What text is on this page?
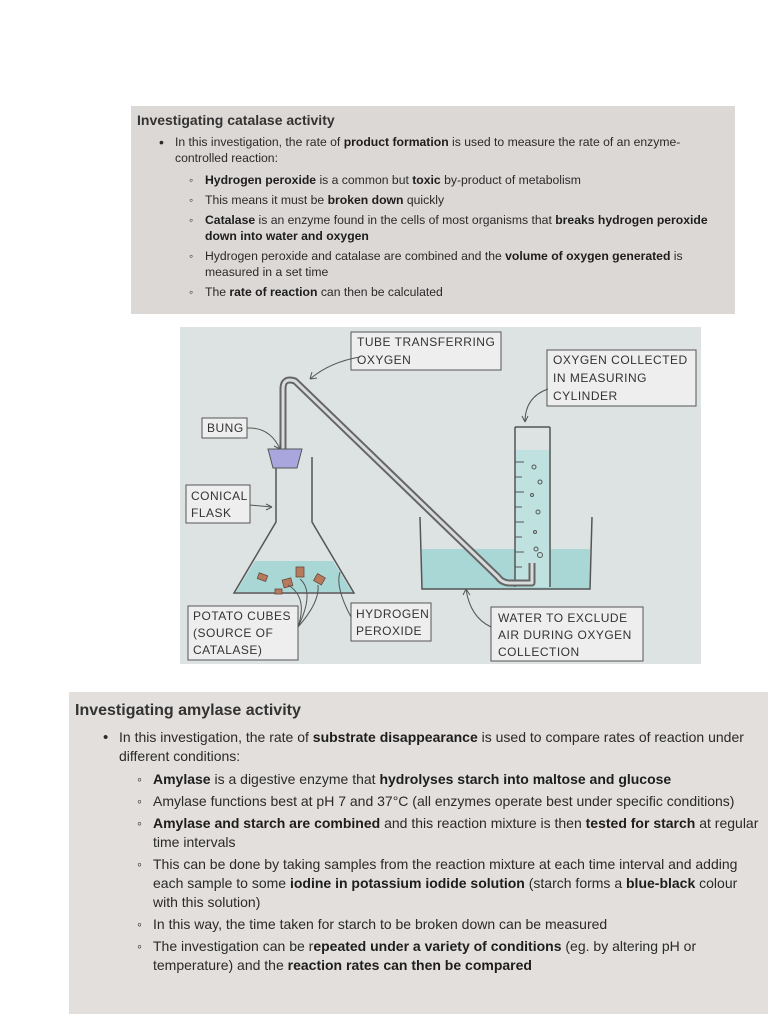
Investigating catalase activity
• In this investigation, the rate of product formation is used to measure the rate of an enzyme-controlled reaction:
◦ Hydrogen peroxide is a common but toxic by-product of metabolism
◦ This means it must be broken down quickly
◦ Catalase is an enzyme found in the cells of most organisms that breaks hydrogen peroxide down into water and oxygen
◦ Hydrogen peroxide and catalase are combined and the volume of oxygen generated is measured in a set time
◦ The rate of reaction can then be calculated
TUBE TRANSFERRING
OXYGEN	OXYGEN COLLECTED
IN MEASURING
CYLINDER
BUNG
CONICAL
FLASK
POTATO CUBES
(SOURCE OF
CATALASE)
HYDROGEN
PEROXIDE
WATER TO EXCLUDE
AIR DURING OXYGEN
COLLECTION
Investigating amylase activity
• In this investigation, the rate of substrate disappearance is used to compare rates of reaction under different conditions:
◦ Amylase is a digestive enzyme that hydrolyses starch into maltose and glucose
◦ Amylase functions best at pH 7 and 37°C (all enzymes operate best under specific conditions)
◦ Amylase and starch are combined and this reaction mixture is then tested for starch at regular time intervals
◦ This can be done by taking samples from the reaction mixture at each time interval and adding each sample to some iodine in potassium iodide solution (starch forms a blue-black colour with this solution)
◦ In this way, the time taken for starch to be broken down can be measured
◦ The investigation can be repeated under a variety of conditions (eg. by altering pH or temperature) and the reaction rates can then be compared
